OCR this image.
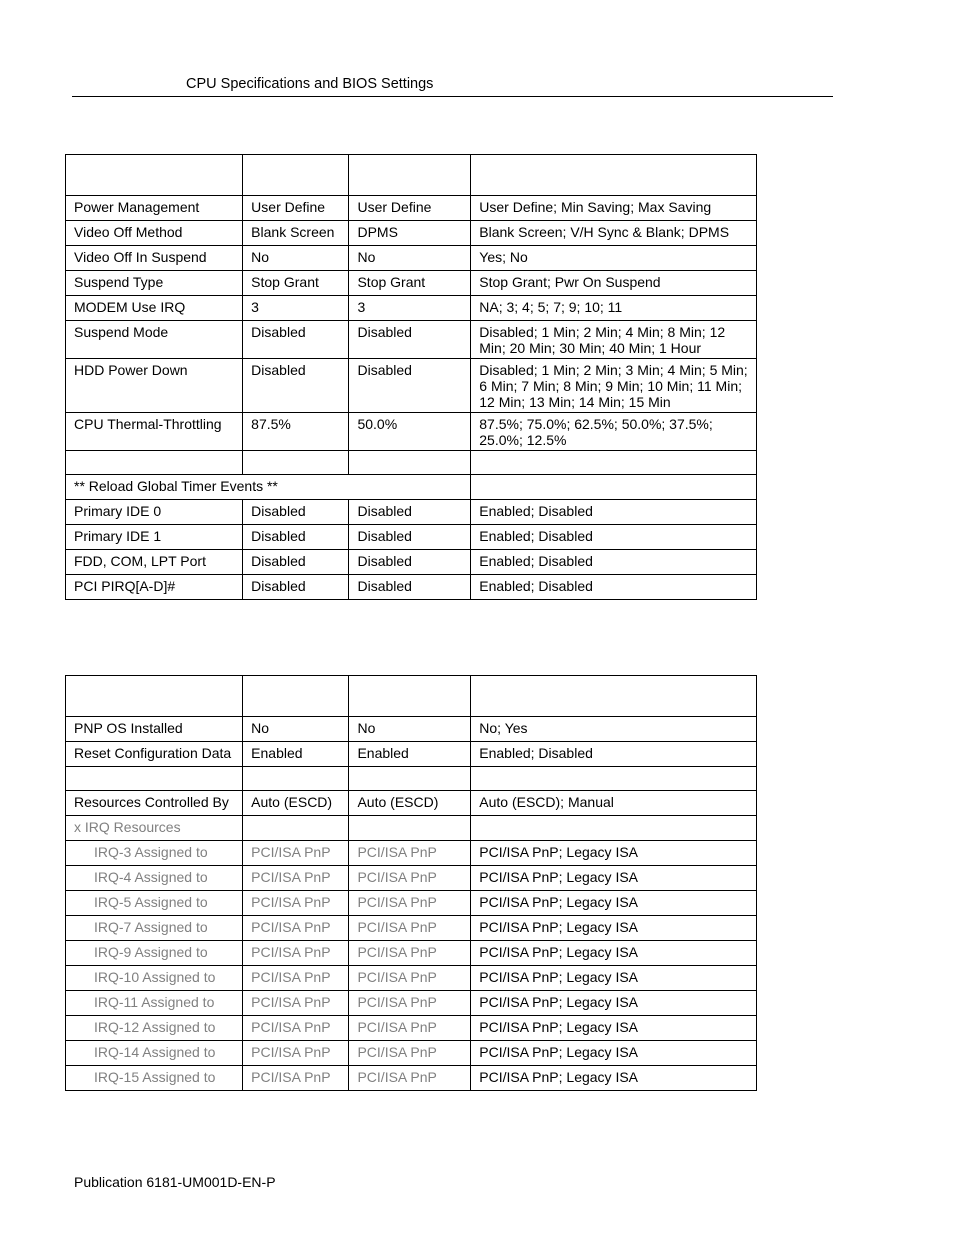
CPU Specifications and BIOS Settings

Power Management	User Define	User Define	User Define; Min Saving; Max Saving
Video Off Method	Blank Screen	DPMS	Blank Screen; V/H Sync & Blank; DPMS
Video Off In Suspend	No	No	Yes; No
Suspend Type	Stop Grant	Stop Grant	Stop Grant; Pwr On Suspend
MODEM Use IRQ	3	3	NA; 3; 4; 5; 7; 9; 10; 11
Suspend Mode	Disabled	Disabled	Disabled; 1 Min; 2 Min; 4 Min; 8 Min; 12 Min; 20 Min; 30 Min; 40 Min; 1 Hour
HDD Power Down	Disabled	Disabled	Disabled; 1 Min; 2 Min; 3 Min; 4 Min; 5 Min; 6 Min; 7 Min; 8 Min; 9 Min; 10 Min; 11 Min; 12 Min; 13 Min; 14 Min; 15 Min
CPU Thermal-Throttling	87.5%	50.0%	87.5%; 75.0%; 62.5%; 50.0%; 37.5%; 25.0%; 12.5%

** Reload Global Timer Events **			
Primary IDE 0	Disabled	Disabled	Enabled; Disabled
Primary IDE 1	Disabled	Disabled	Enabled; Disabled
FDD, COM, LPT Port	Disabled	Disabled	Enabled; Disabled
PCI PIRQ[A-D]#	Disabled	Disabled	Enabled; Disabled

PNP OS Installed	No	No	No; Yes
Reset Configuration Data	Enabled	Enabled	Enabled; Disabled

Resources Controlled By	Auto (ESCD)	Auto (ESCD)	Auto (ESCD); Manual
x IRQ Resources			
IRQ-3 Assigned to	PCI/ISA PnP	PCI/ISA PnP	PCI/ISA PnP; Legacy ISA
IRQ-4 Assigned to	PCI/ISA PnP	PCI/ISA PnP	PCI/ISA PnP; Legacy ISA
IRQ-5 Assigned to	PCI/ISA PnP	PCI/ISA PnP	PCI/ISA PnP; Legacy ISA
IRQ-7 Assigned to	PCI/ISA PnP	PCI/ISA PnP	PCI/ISA PnP; Legacy ISA
IRQ-9 Assigned to	PCI/ISA PnP	PCI/ISA PnP	PCI/ISA PnP; Legacy ISA
IRQ-10 Assigned to	PCI/ISA PnP	PCI/ISA PnP	PCI/ISA PnP; Legacy ISA
IRQ-11 Assigned to	PCI/ISA PnP	PCI/ISA PnP	PCI/ISA PnP; Legacy ISA
IRQ-12 Assigned to	PCI/ISA PnP	PCI/ISA PnP	PCI/ISA PnP; Legacy ISA
IRQ-14 Assigned to	PCI/ISA PnP	PCI/ISA PnP	PCI/ISA PnP; Legacy ISA
IRQ-15 Assigned to	PCI/ISA PnP	PCI/ISA PnP	PCI/ISA PnP; Legacy ISA
Publication 6181-UM001D-EN-P
